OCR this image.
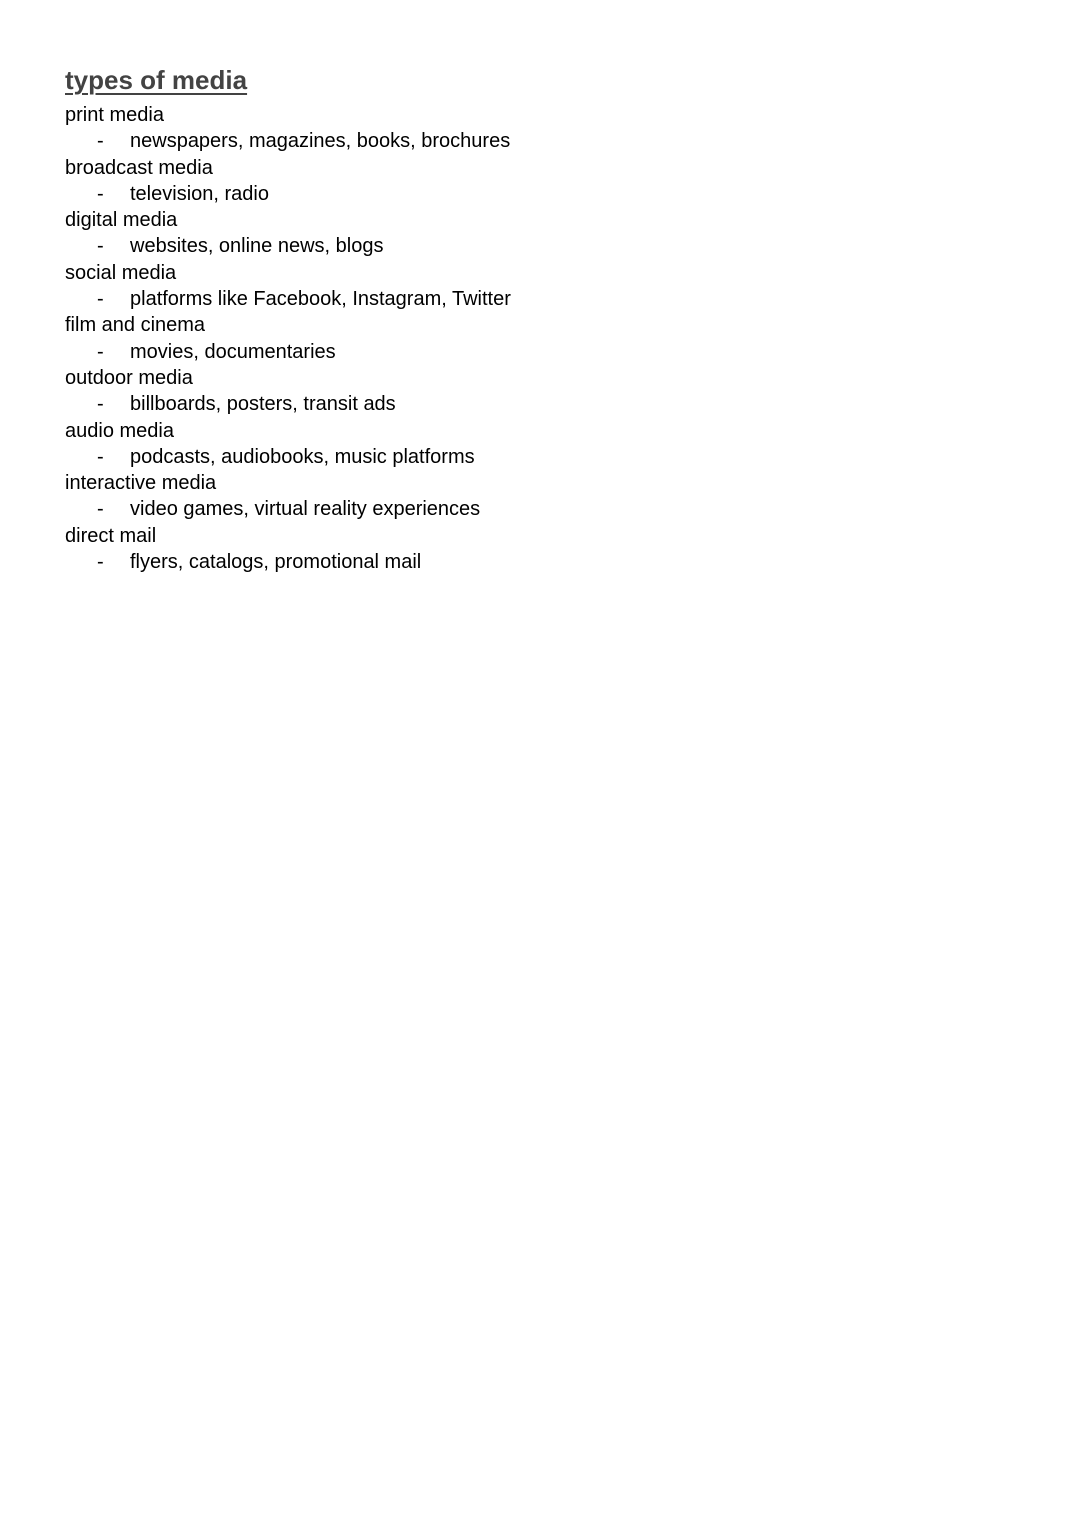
types of media
print media
-	newspapers, magazines, books, brochures
broadcast media
-	television, radio
digital media
-	websites, online news, blogs
social media
-	platforms like Facebook, Instagram, Twitter
film and cinema
-	movies, documentaries
outdoor media
-	billboards, posters, transit ads
audio media
-	podcasts, audiobooks, music platforms
interactive media
-	video games, virtual reality experiences
direct mail
-	flyers, catalogs, promotional mail
